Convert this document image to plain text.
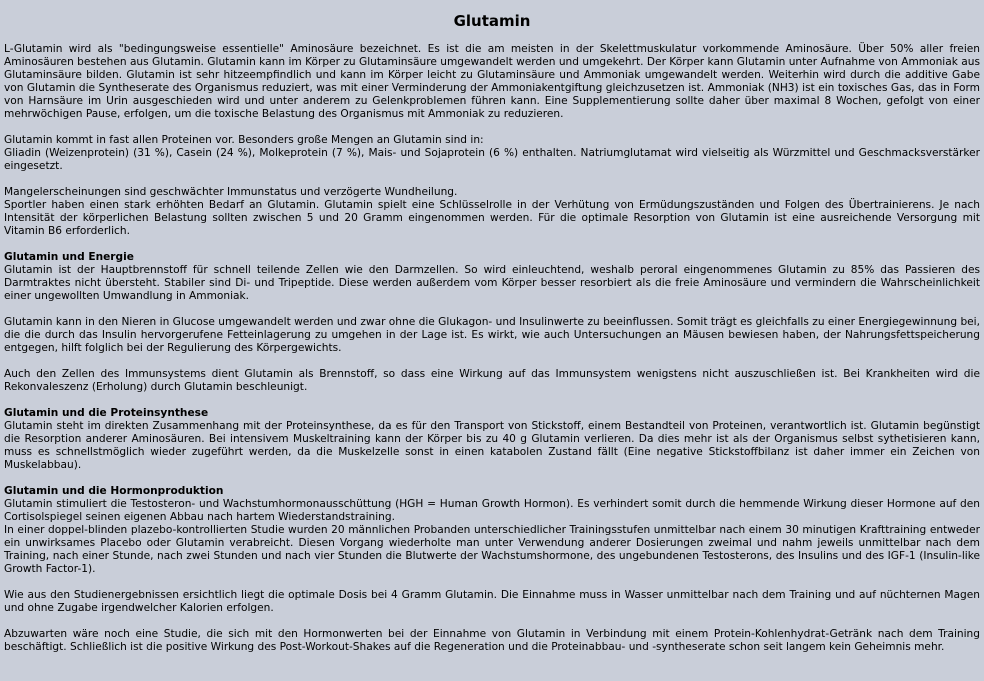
Glutamin

L-Glutamin wird als "bedingungsweise essentielle" Aminosäure bezeichnet. Es ist die am meisten in der Skelettmuskulatur vorkommende Aminosäure. Über 50% aller freien Aminosäuren bestehen aus Glutamin. Glutamin kann im Körper zu Glutaminsäure umgewandelt werden und umgekehrt. Der Körper kann Glutamin unter Aufnahme von Ammoniak aus Glutaminsäure bilden. Glutamin ist sehr hitzeempfindlich und kann im Körper leicht zu Glutaminsäure und Ammoniak umgewandelt werden. Weiterhin wird durch die additive Gabe von Glutamin die Syntheserate des Organismus reduziert, was mit einer Verminderung der Ammoniakentgiftung gleichzusetzen ist. Ammoniak (NH3) ist ein toxisches Gas, das in Form von Harnsäure im Urin ausgeschieden wird und unter anderem zu Gelenkproblemen führen kann. Eine Supplementierung sollte daher über maximal 8 Wochen, gefolgt von einer mehrwöchigen Pause, erfolgen, um die toxische Belastung des Organismus mit Ammoniak zu reduzieren.

Glutamin kommt in fast allen Proteinen vor. Besonders große Mengen an Glutamin sind in:

Gliadin (Weizenprotein) (31 %), Casein (24 %), Molkeprotein (7 %), Mais- und Sojaprotein (6 %) enthalten. Natriumglutamat wird vielseitig als Würzmittel und Geschmacksverstärker eingesetzt.

Mangelerscheinungen sind geschwächter Immunstatus und verzögerte Wundheilung.

Sportler haben einen stark erhöhten Bedarf an Glutamin. Glutamin spielt eine Schlüsselrolle in der Verhütung von Ermüdungszuständen und Folgen des Übertrainierens. Je nach Intensität der körperlichen Belastung sollten zwischen 5 und 20 Gramm eingenommen werden. Für die optimale Resorption von Glutamin ist eine ausreichende Versorgung mit Vitamin B6 erforderlich.

Glutamin und Energie

Glutamin ist der Hauptbrennstoff für schnell teilende Zellen wie den Darmzellen. So wird einleuchtend, weshalb peroral eingenommenes Glutamin zu 85% das Passieren des Darmtraktes nicht übersteht. Stabiler sind Di- und Tripeptide. Diese werden außerdem vom Körper besser resorbiert als die freie Aminosäure und vermindern die Wahrscheinlichkeit einer ungewollten Umwandlung in Ammoniak.

Glutamin kann in den Nieren in Glucose umgewandelt werden und zwar ohne die Glukagon- und Insulinwerte zu beeinflussen. Somit trägt es gleichfalls zu einer Energiegewinnung bei, die die durch das Insulin hervorgerufene Fetteinlagerung zu umgehen in der Lage ist. Es wirkt, wie auch Untersuchungen an Mäusen bewiesen haben, der Nahrungsfettspeicherung entgegen, hilft folglich bei der Regulierung des Körpergewichts.

Auch den Zellen des Immunsystems dient Glutamin als Brennstoff, so dass eine Wirkung auf das Immunsystem wenigstens nicht auszuschließen ist. Bei Krankheiten wird die Rekonvaleszenz (Erholung) durch Glutamin beschleunigt.

Glutamin und die Proteinsynthese

Glutamin steht im direkten Zusammenhang mit der Proteinsynthese, da es für den Transport von Stickstoff, einem Bestandteil von Proteinen, verantwortlich ist. Glutamin begünstigt die Resorption anderer Aminosäuren. Bei intensivem Muskeltraining kann der Körper bis zu 40 g Glutamin verlieren. Da dies mehr ist als der Organismus selbst sythetisieren kann, muss es schnellstmöglich wieder zugeführt werden, da die Muskelzelle sonst in einen katabolen Zustand fällt (Eine negative Stickstoffbilanz ist daher immer ein Zeichen von Muskelabbau).

Glutamin und die Hormonproduktion

Glutamin stimuliert die Testosteron- und Wachstumhormonausschüttung (HGH = Human Growth Hormon). Es verhindert somit durch die hemmende Wirkung dieser Hormone auf den Cortisolspiegel seinen eigenen Abbau nach hartem Wiederstandstraining.

In einer doppel-blinden plazebo-kontrollierten Studie wurden 20 männlichen Probanden unterschiedlicher Trainingsstufen unmittelbar nach einem 30 minutigen Krafttraining entweder ein unwirksames Placebo oder Glutamin verabreicht. Diesen Vorgang wiederholte man unter Verwendung anderer Dosierungen zweimal und nahm jeweils unmittelbar nach dem Training, nach einer Stunde, nach zwei Stunden und nach vier Stunden die Blutwerte der Wachstumshormone, des ungebundenen Testosterons, des Insulins und des IGF-1 (Insulin-like Growth Factor-1).

Wie aus den Studienergebnissen ersichtlich liegt die optimale Dosis bei 4 Gramm Glutamin. Die Einnahme muss in Wasser unmittelbar nach dem Training und auf nüchternen Magen und ohne Zugabe irgendwelcher Kalorien erfolgen.

Abzuwarten wäre noch eine Studie, die sich mit den Hormonwerten bei der Einnahme von Glutamin in Verbindung mit einem Protein-Kohlenhydrat-Getränk nach dem Training beschäftigt. Schließlich ist die positive Wirkung des Post-Workout-Shakes auf die Regeneration und die Proteinabbau- und -syntheserate schon seit langem kein Geheimnis mehr.
